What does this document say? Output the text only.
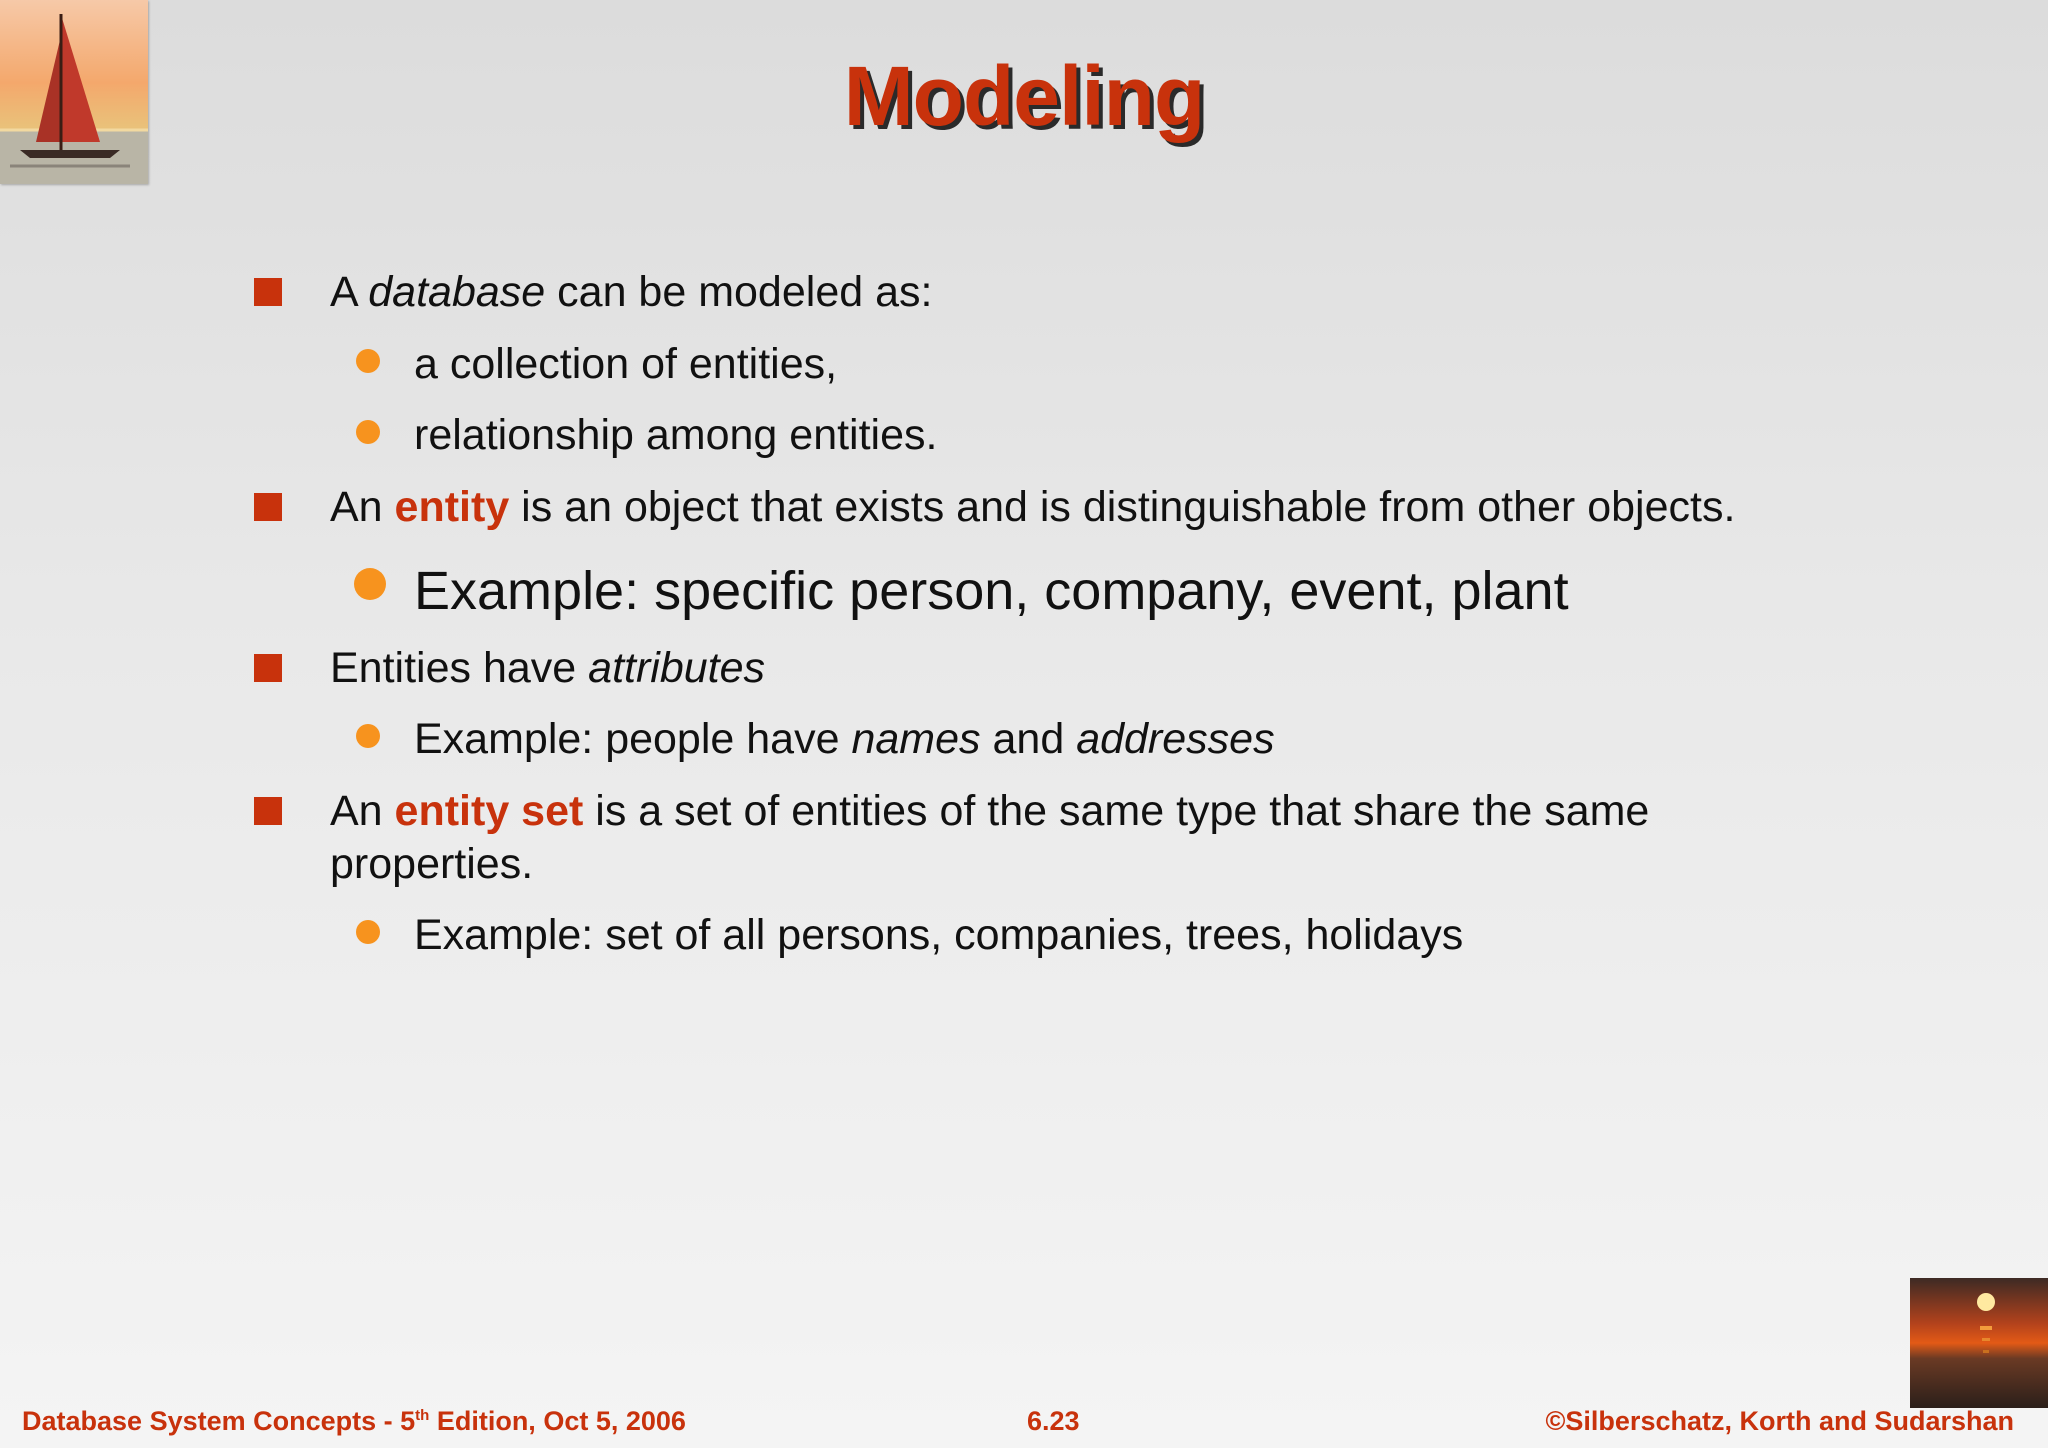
Modeling
A database can be modeled as:
a collection of entities,
relationship among entities.
An entity is an object that exists and is distinguishable from other objects.
Example: specific person, company, event, plant
Entities have attributes
Example: people have names and addresses
An entity set is a set of entities of the same type that share the same
properties.
Example: set of all persons, companies, trees, holidays
Database System Concepts - 5th Edition, Oct 5, 2006	6.23	©Silberschatz, Korth and Sudarshan
